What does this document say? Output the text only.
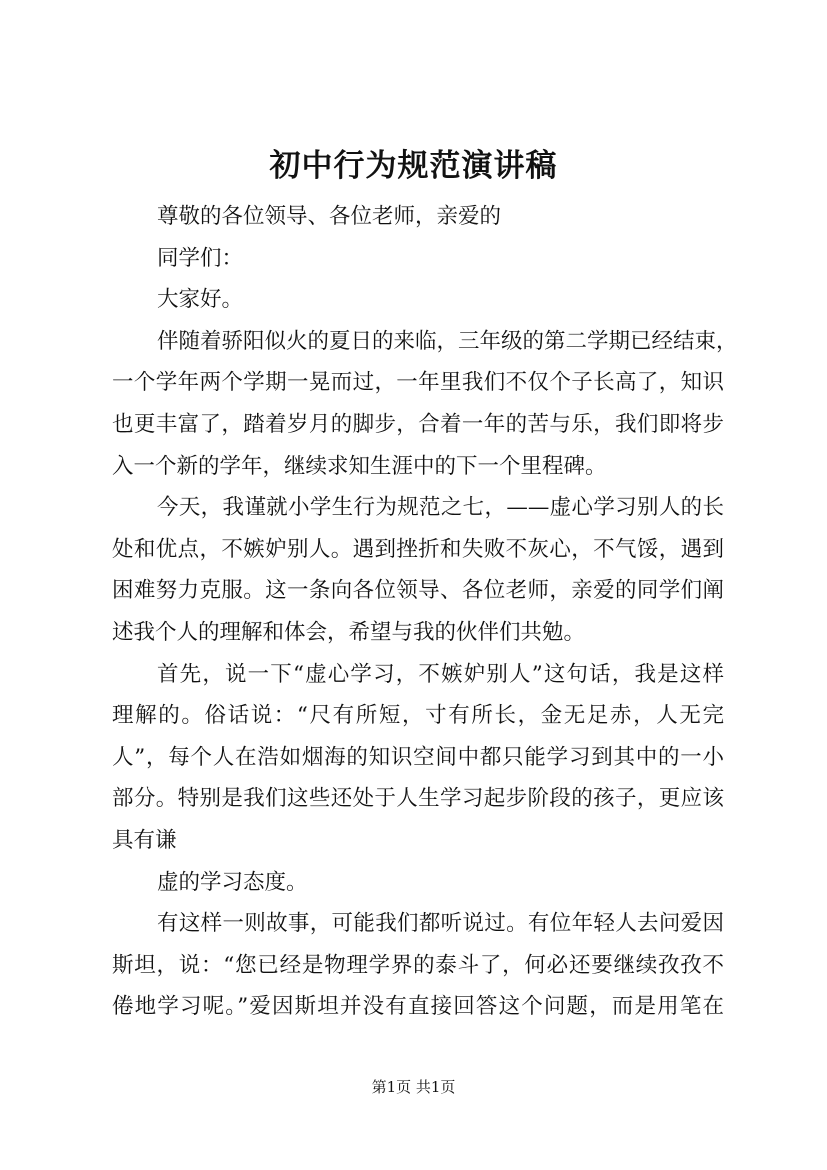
初中行为规范演讲稿
尊敬的各位领导、各位老师，亲爱的
同学们：
大家好。
伴随着骄阳似火的夏日的来临，三年级的第二学期已经结束，
一个学年两个学期一晃而过，一年里我们不仅个子长高了，知识
也更丰富了，踏着岁月的脚步，合着一年的苦与乐，我们即将步
入一个新的学年，继续求知生涯中的下一个里程碑。
今天，我谨就小学生行为规范之七，——虚心学习别人的长
处和优点，不嫉妒别人。遇到挫折和失败不灰心，不气馁，遇到
困难努力克服。这一条向各位领导、各位老师，亲爱的同学们阐
述我个人的理解和体会，希望与我的伙伴们共勉。
首先，说一下“虚心学习，不嫉妒别人”这句话，我是这样
理解的。俗话说：“尺有所短，寸有所长，金无足赤，人无完
人”，每个人在浩如烟海的知识空间中都只能学习到其中的一小
部分。特别是我们这些还处于人生学习起步阶段的孩子，更应该
具有谦
虚的学习态度。
有这样一则故事，可能我们都听说过。有位年轻人去问爱因
斯坦，说：“您已经是物理学界的泰斗了，何必还要继续孜孜不
倦地学习呢。”爱因斯坦并没有直接回答这个问题，而是用笔在
第1页 共1页
